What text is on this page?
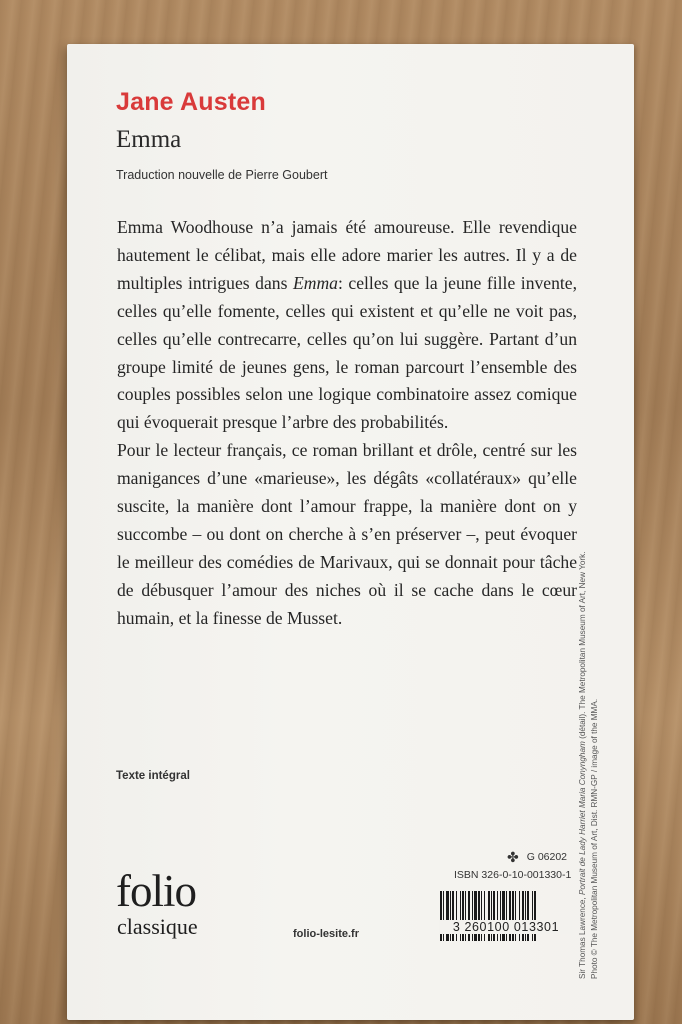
Jane Austen
Emma
Traduction nouvelle de Pierre Goubert

Emma Woodhouse n’a jamais été amoureuse. Elle revendique hautement le célibat, mais elle adore marier les autres. Il y a de multiples intrigues dans Emma: celles que la jeune fille invente, celles qu’elle fomente, celles qui existent et qu’elle ne voit pas, celles qu’elle contrecarre, celles qu’on lui suggère. Partant d’un groupe limité de jeunes gens, le roman parcourt l’ensemble des couples possibles selon une logique combinatoire assez comique qui évoquerait presque l’arbre des probabilités.

Pour le lecteur français, ce roman brillant et drôle, centré sur les manigances d’une «marieuse», les dégâts «collatéraux» qu’elle suscite, la manière dont l’amour frappe, la manière dont on y succombe – ou dont on cherche à s’en préserver –, peut évoquer le meilleur des comédies de Marivaux, qui se donnait pour tâche de débusquer l’amour des niches où il se cache dans le cœur humain, et la finesse de Musset.

Texte intégral
Sir Thomas Lawrence, Portrait de Lady Harriet Maria Conyngham (détail). The Metropolitan Museum of Art, New York.
Photo © The Metropolitan Museum of Art, Dist. RMN-GP / image of the MMA.
✤ G 06202
ISBN 326-0-10-001330-1
3 260100 013301
folio
classique	folio-lesite.fr
